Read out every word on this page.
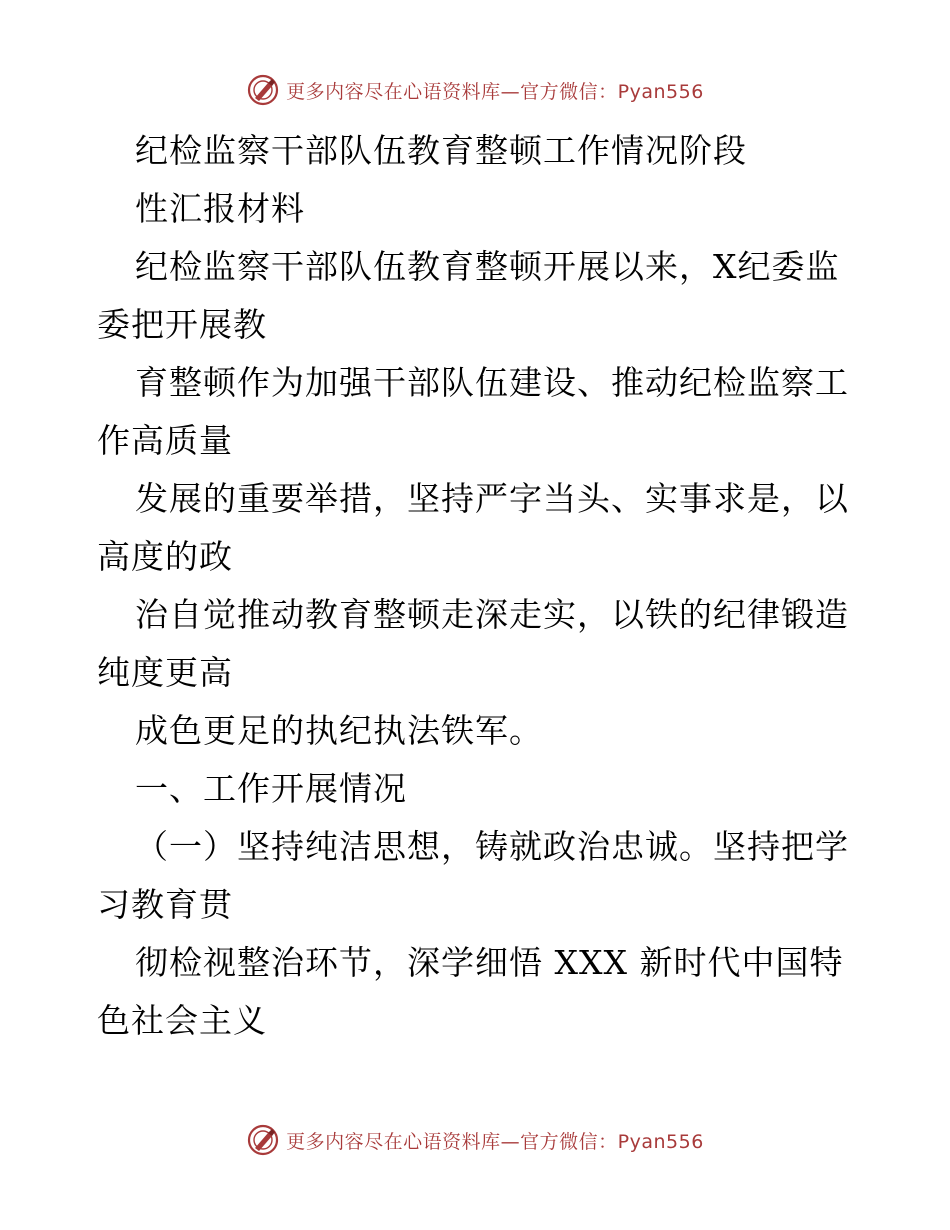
更多内容尽在心语资料库—官方微信：Pyan556
纪检监察干部队伍教育整顿工作情况阶段
性汇报材料
纪检监察干部队伍教育整顿开展以来，X纪委监
委把开展教
育整顿作为加强干部队伍建设、推动纪检监察工
作高质量
发展的重要举措，坚持严字当头、实事求是，以
高度的政
治自觉推动教育整顿走深走实，以铁的纪律锻造
纯度更高
成色更足的执纪执法铁军。
一、工作开展情况
（一）坚持纯洁思想，铸就政治忠诚。坚持把学
习教育贯
彻检视整治环节，深学细悟 XXX 新时代中国特
色社会主义
更多内容尽在心语资料库—官方微信：Pyan556
